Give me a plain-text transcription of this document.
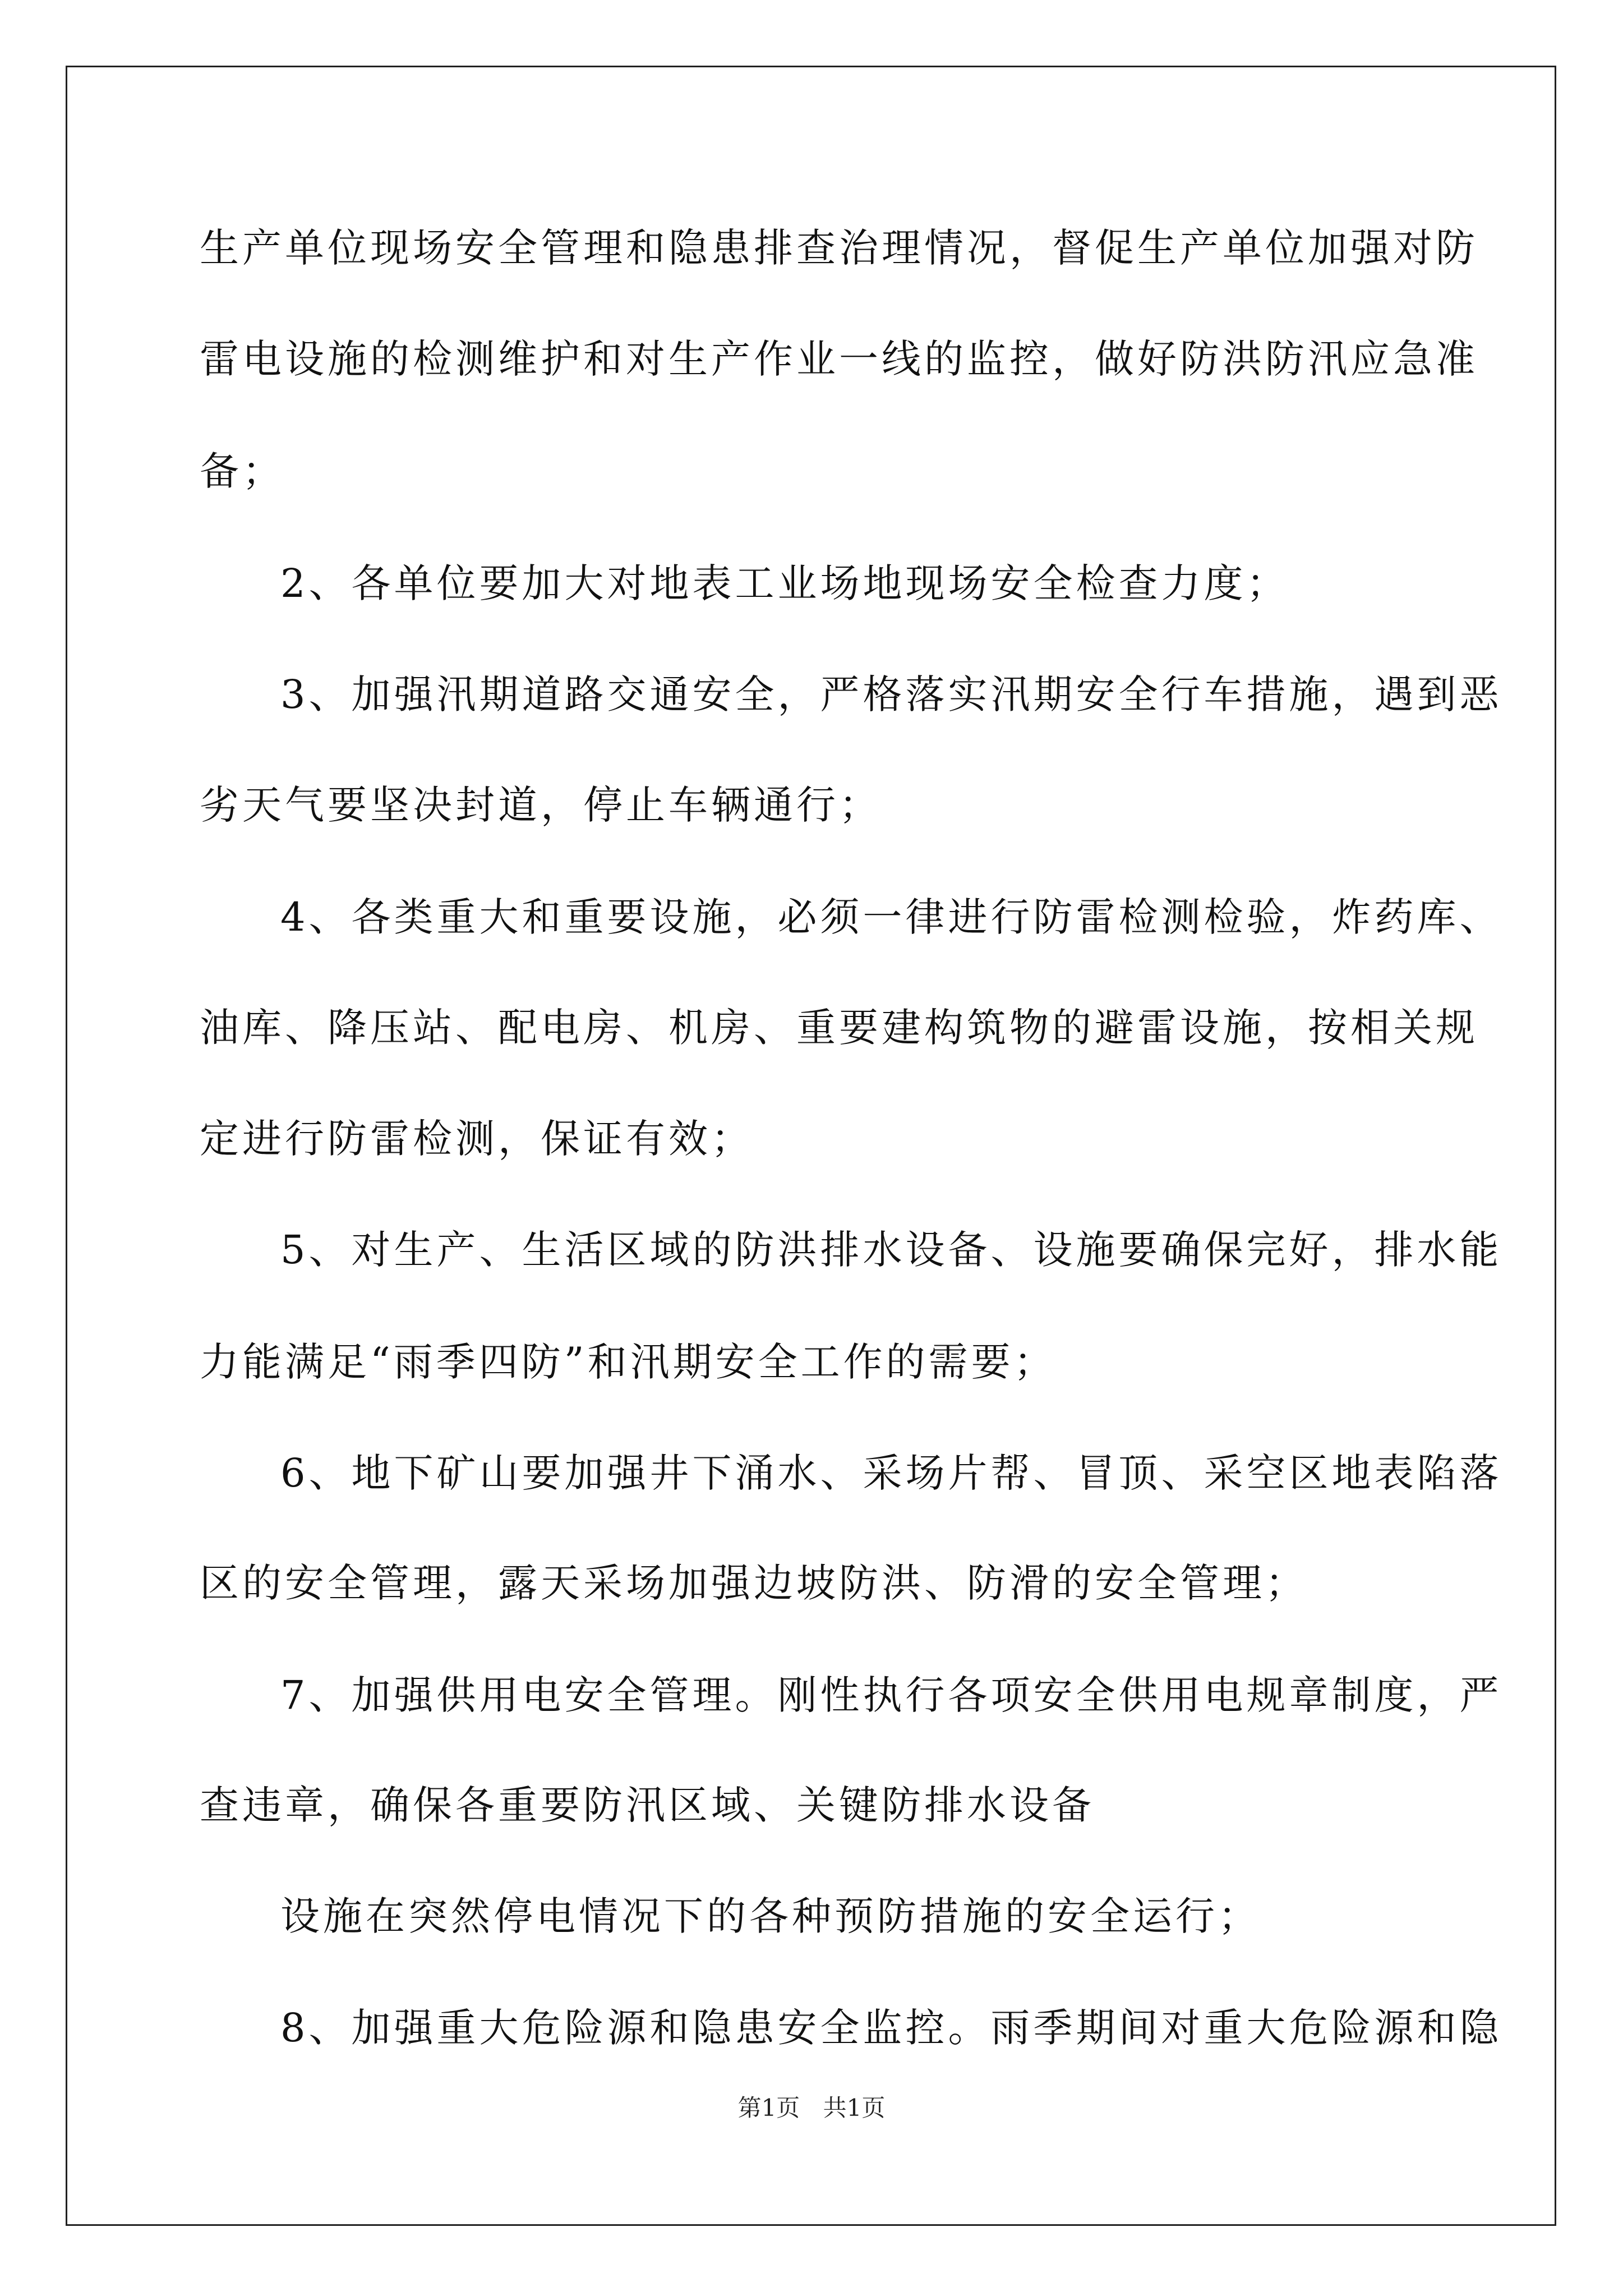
生产单位现场安全管理和隐患排查治理情况，督促生产单位加强对防
雷电设施的检测维护和对生产作业一线的监控，做好防洪防汛应急准
备；
2、各单位要加大对地表工业场地现场安全检查力度；
3、加强汛期道路交通安全，严格落实汛期安全行车措施，遇到恶
劣天气要坚决封道，停止车辆通行；
4、各类重大和重要设施，必须一律进行防雷检测检验，炸药库、
油库、降压站、配电房、机房、重要建构筑物的避雷设施，按相关规
定进行防雷检测，保证有效；
5、对生产、生活区域的防洪排水设备、设施要确保完好，排水能
力能满足“雨季四防”和汛期安全工作的需要；
6、地下矿山要加强井下涌水、采场片帮、冒顶、采空区地表陷落
区的安全管理，露天采场加强边坡防洪、防滑的安全管理；
7、加强供用电安全管理。刚性执行各项安全供用电规章制度，严
查违章，确保各重要防汛区域、关键防排水设备
设施在突然停电情况下的各种预防措施的安全运行；
8、加强重大危险源和隐患安全监控。雨季期间对重大危险源和隐
第1页 共1页
